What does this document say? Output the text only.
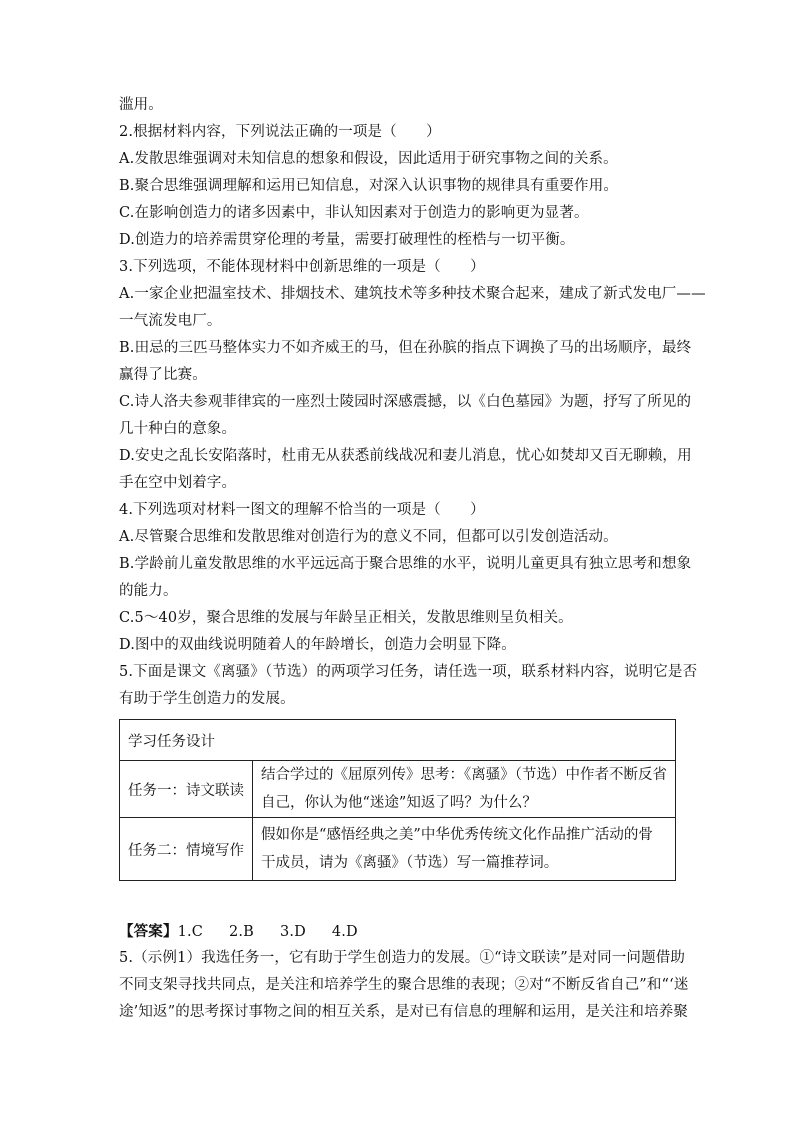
滥用。
2.根据材料内容，下列说法正确的一项是（　　）
A.发散思维强调对未知信息的想象和假设，因此适用于研究事物之间的关系。
B.聚合思维强调理解和运用已知信息，对深入认识事物的规律具有重要作用。
C.在影响创造力的诸多因素中，非认知因素对于创造力的影响更为显著。
D.创造力的培养需贯穿伦理的考量，需要打破理性的桎梏与一切平衡。
3.下列选项，不能体现材料中创新思维的一项是（　　）
A.一家企业把温室技术、排烟技术、建筑技术等多种技术聚合起来，建成了新式发电厂——
一气流发电厂。
B.田忌的三匹马整体实力不如齐威王的马，但在孙膑的指点下调换了马的出场顺序，最终
赢得了比赛。
C.诗人洛夫参观菲律宾的一座烈士陵园时深感震撼，以《白色墓园》为题，抒写了所见的
几十种白的意象。
D.安史之乱长安陷落时，杜甫无从获悉前线战况和妻儿消息，忧心如焚却又百无聊赖，用
手在空中划着字。
4.下列选项对材料一图文的理解不恰当的一项是（　　）
A.尽管聚合思维和发散思维对创造行为的意义不同，但都可以引发创造活动。
B.学龄前儿童发散思维的水平远远高于聚合思维的水平，说明儿童更具有独立思考和想象
的能力。
C.5～40岁，聚合思维的发展与年龄呈正相关，发散思维则呈负相关。
D.图中的双曲线说明随着人的年龄增长，创造力会明显下降。
5.下面是课文《离骚》（节选）的两项学习任务，请任选一项，联系材料内容，说明它是否
有助于学生创造力的发展。
学习任务设计	
任务一：诗文联读	结合学过的《屈原列传》思考：《离骚》（节选）中作者不断反省自己，你认为他“迷途”知返了吗？为什么？
任务二：情境写作	假如你是“感悟经典之美”中华优秀传统文化作品推广活动的骨干成员，请为《离骚》（节选）写一篇推荐词。
【答案】1.C 2.B 3.D 4.D
5.（示例1）我选任务一，它有助于学生创造力的发展。①“诗文联读”是对同一问题借助
不同支架寻找共同点，是关注和培养学生的聚合思维的表现；②对“不断反省自己”和“‘迷
途’知返”的思考探讨事物之间的相互关系，是对已有信息的理解和运用，是关注和培养聚
